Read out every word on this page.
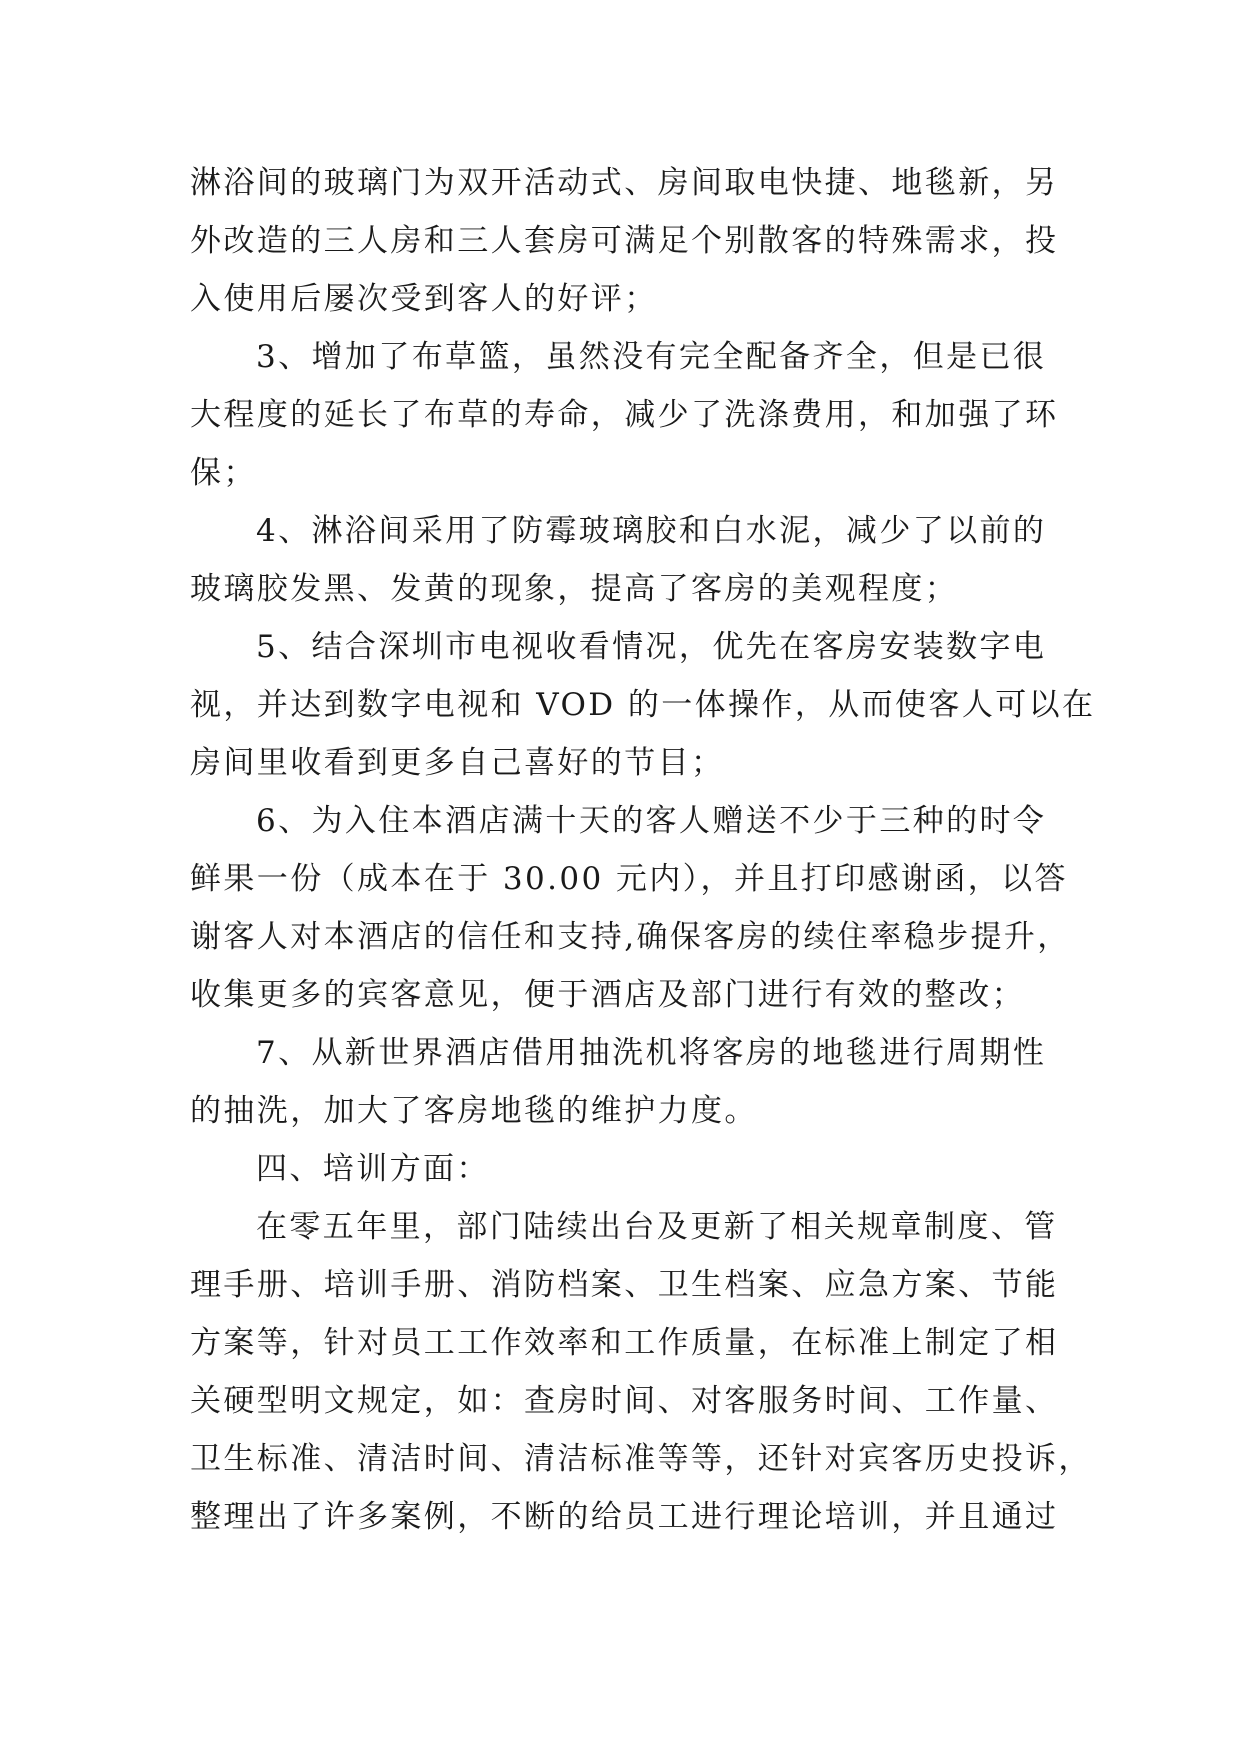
淋浴间的玻璃门为双开活动式、房间取电快捷、地毯新，另
外改造的三人房和三人套房可满足个别散客的特殊需求，投
入使用后屡次受到客人的好评；
3、增加了布草篮，虽然没有完全配备齐全，但是已很
大程度的延长了布草的寿命，减少了洗涤费用，和加强了环
保；
4、淋浴间采用了防霉玻璃胶和白水泥，减少了以前的
玻璃胶发黑、发黄的现象，提高了客房的美观程度；
5、结合深圳市电视收看情况，优先在客房安装数字电
视，并达到数字电视和 VOD 的一体操作，从而使客人可以在
房间里收看到更多自己喜好的节目；
6、为入住本酒店满十天的客人赠送不少于三种的时令
鲜果一份（成本在于 30.00 元内），并且打印感谢函，以答
谢客人对本酒店的信任和支持,确保客房的续住率稳步提升，
收集更多的宾客意见，便于酒店及部门进行有效的整改；
7、从新世界酒店借用抽洗机将客房的地毯进行周期性
的抽洗，加大了客房地毯的维护力度。
四、培训方面：
在零五年里，部门陆续出台及更新了相关规章制度、管
理手册、培训手册、消防档案、卫生档案、应急方案、节能
方案等，针对员工工作效率和工作质量，在标准上制定了相
关硬型明文规定，如：查房时间、对客服务时间、工作量、
卫生标准、清洁时间、清洁标准等等，还针对宾客历史投诉，
整理出了许多案例，不断的给员工进行理论培训，并且通过
